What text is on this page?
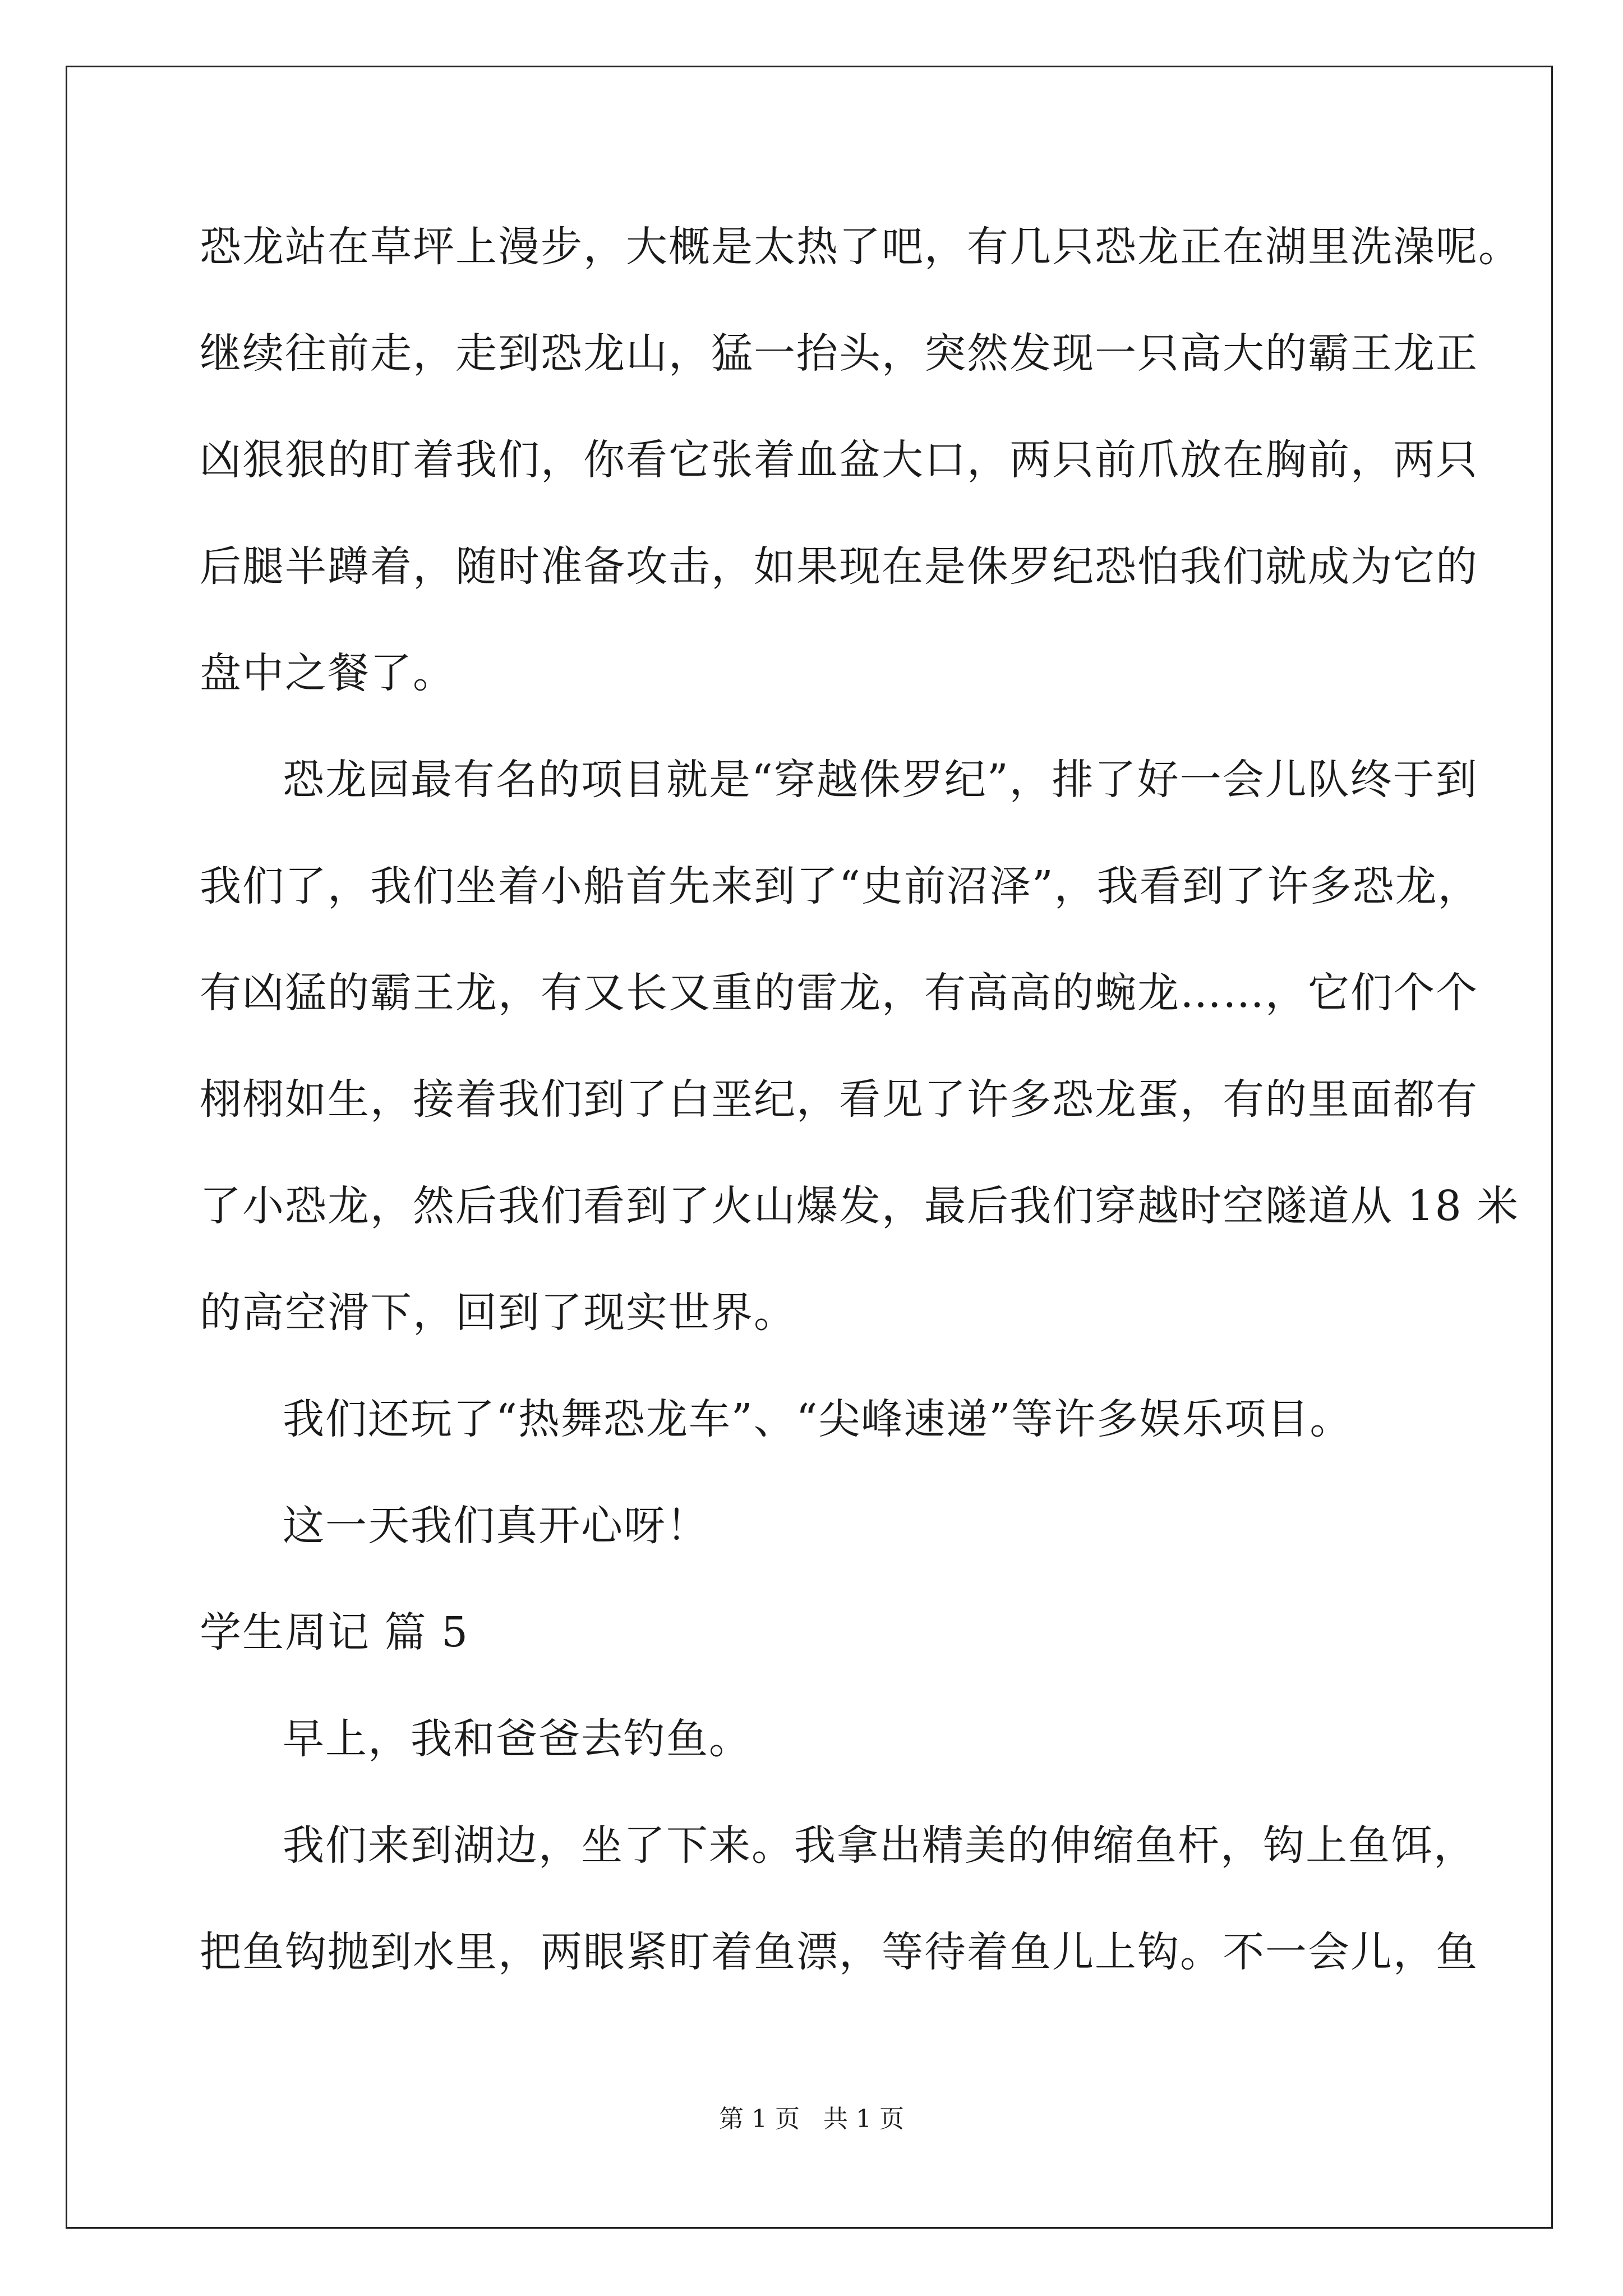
恐龙站在草坪上漫步，大概是太热了吧，有几只恐龙正在湖里洗澡呢。
继续往前走，走到恐龙山，猛一抬头，突然发现一只高大的霸王龙正
凶狠狠的盯着我们，你看它张着血盆大口，两只前爪放在胸前，两只
后腿半蹲着，随时准备攻击，如果现在是侏罗纪恐怕我们就成为它的
盘中之餐了。
恐龙园最有名的项目就是“穿越侏罗纪”，排了好一会儿队终于到
我们了，我们坐着小船首先来到了“史前沼泽”，我看到了许多恐龙，
有凶猛的霸王龙，有又长又重的雷龙，有高高的蜿龙……，它们个个
栩栩如生，接着我们到了白垩纪，看见了许多恐龙蛋，有的里面都有
了小恐龙，然后我们看到了火山爆发，最后我们穿越时空隧道从 18 米
的高空滑下，回到了现实世界。
我们还玩了“热舞恐龙车”、“尖峰速递”等许多娱乐项目。
这一天我们真开心呀！
学生周记 篇 5
早上，我和爸爸去钓鱼。
我们来到湖边，坐了下来。我拿出精美的伸缩鱼杆，钩上鱼饵，
把鱼钩抛到水里，两眼紧盯着鱼漂，等待着鱼儿上钩。不一会儿，鱼
第 1 页   共 1 页
